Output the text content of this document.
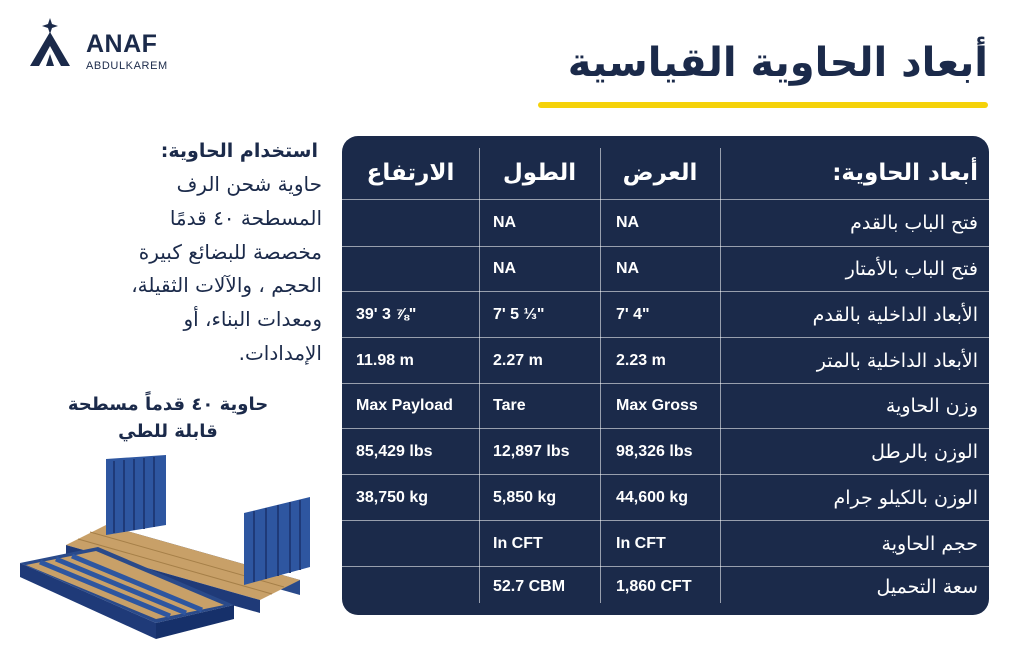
ANAF
ABDULKAREM	أبعاد الحاوية القياسية
استخدام الحاوية:
حاوية شحن الرف
المسطحة ٤٠ قدمًا
مخصصة للبضائع كبيرة
الحجم ، والآلات الثقيلة،
ومعدات البناء، أو
الإمدادات.
حاوية ٤٠ قدماً مسطحة
قابلة للطي
أبعاد الحاوية:
العرض
الطول
الارتفاع
فتح الباب بالقدم
NA
NA
فتح الباب بالأمتار
NA
NA
الأبعاد الداخلية بالقدم
7' 4"
7' 5 ⅓"
39' 3 ⅞"
الأبعاد الداخلية بالمتر
2.23 m
2.27 m
11.98 m
وزن الحاوية
Max Gross
Tare
Max Payload
الوزن بالرطل
98,326 lbs
12,897 lbs
85,429 lbs
الوزن بالكيلو جرام
44,600 kg
5,850 kg
38,750 kg
حجم الحاوية
In CFT
In CFT
سعة التحميل
1,860 CFT
52.7 CBM
